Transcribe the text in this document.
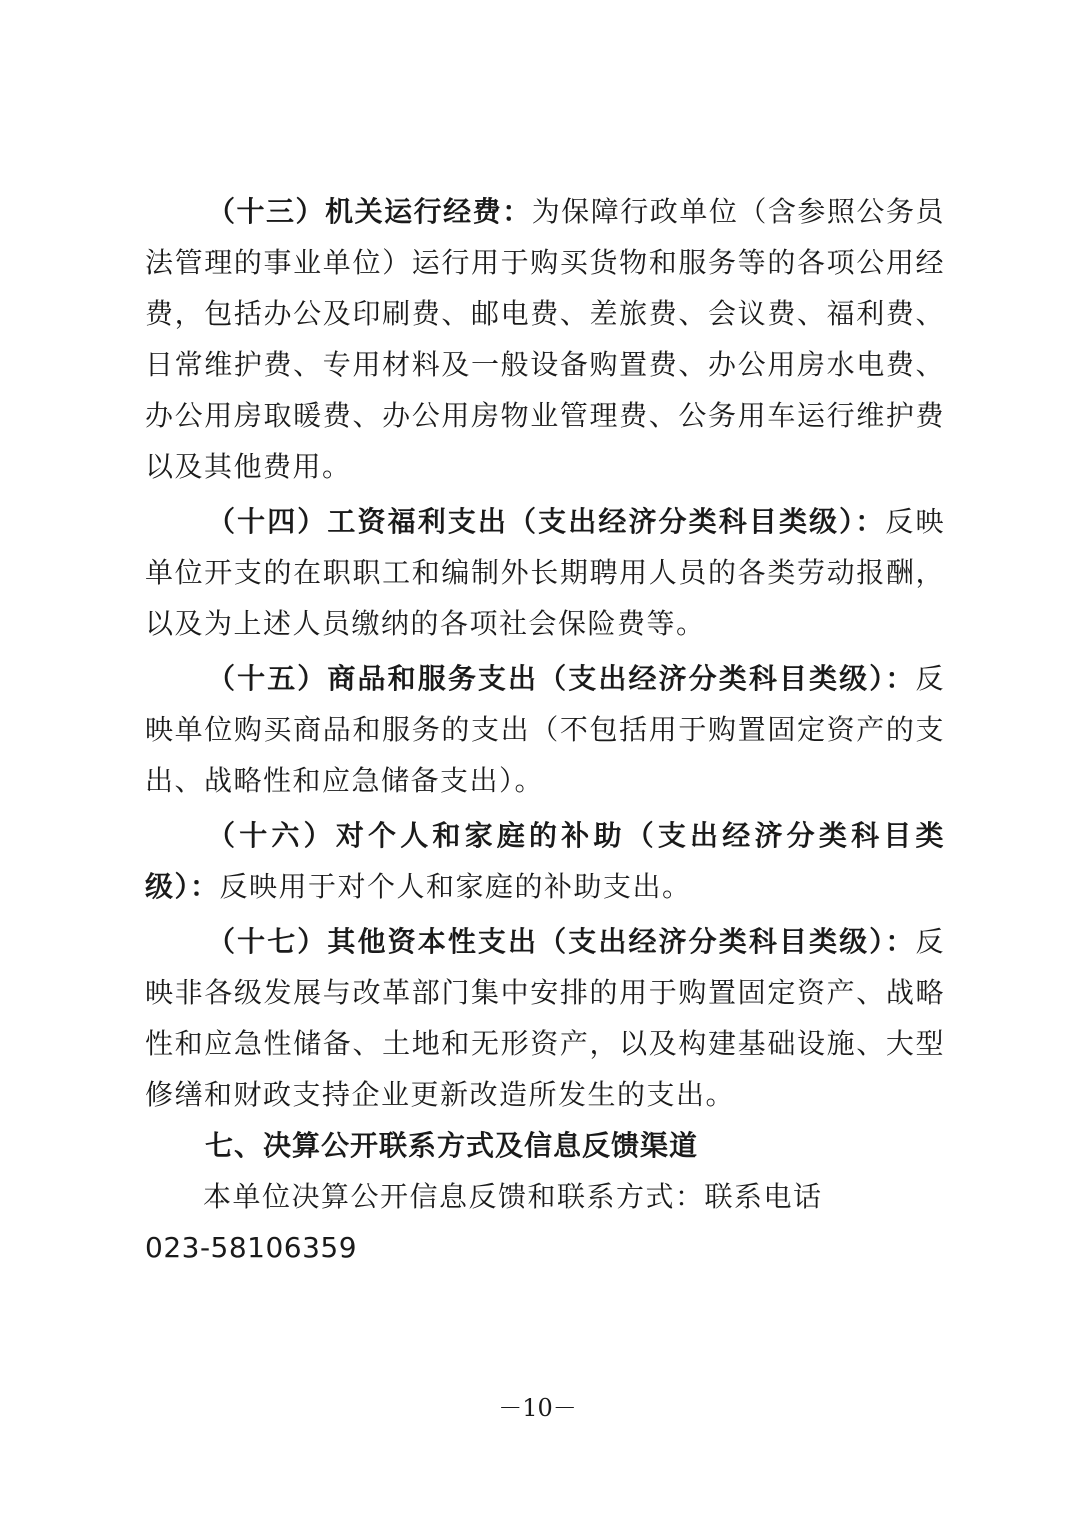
（十三）机关运行经费：为保障行政单位（含参照公务员法管理的事业单位）运行用于购买货物和服务等的各项公用经费，包括办公及印刷费、邮电费、差旅费、会议费、福利费、日常维护费、专用材料及一般设备购置费、办公用房水电费、办公用房取暖费、办公用房物业管理费、公务用车运行维护费以及其他费用。

（十四）工资福利支出（支出经济分类科目类级）：反映单位开支的在职职工和编制外长期聘用人员的各类劳动报酬，以及为上述人员缴纳的各项社会保险费等。

（十五）商品和服务支出（支出经济分类科目类级）：反映单位购买商品和服务的支出（不包括用于购置固定资产的支出、战略性和应急储备支出）。

（十六）对个人和家庭的补助（支出经济分类科目类级）：反映用于对个人和家庭的补助支出。

（十七）其他资本性支出（支出经济分类科目类级）：反映非各级发展与改革部门集中安排的用于购置固定资产、战略性和应急性储备、土地和无形资产，以及构建基础设施、大型修缮和财政支持企业更新改造所发生的支出。

七、决算公开联系方式及信息反馈渠道

本单位决算公开信息反馈和联系方式：联系电话

023-58106359

－10－
